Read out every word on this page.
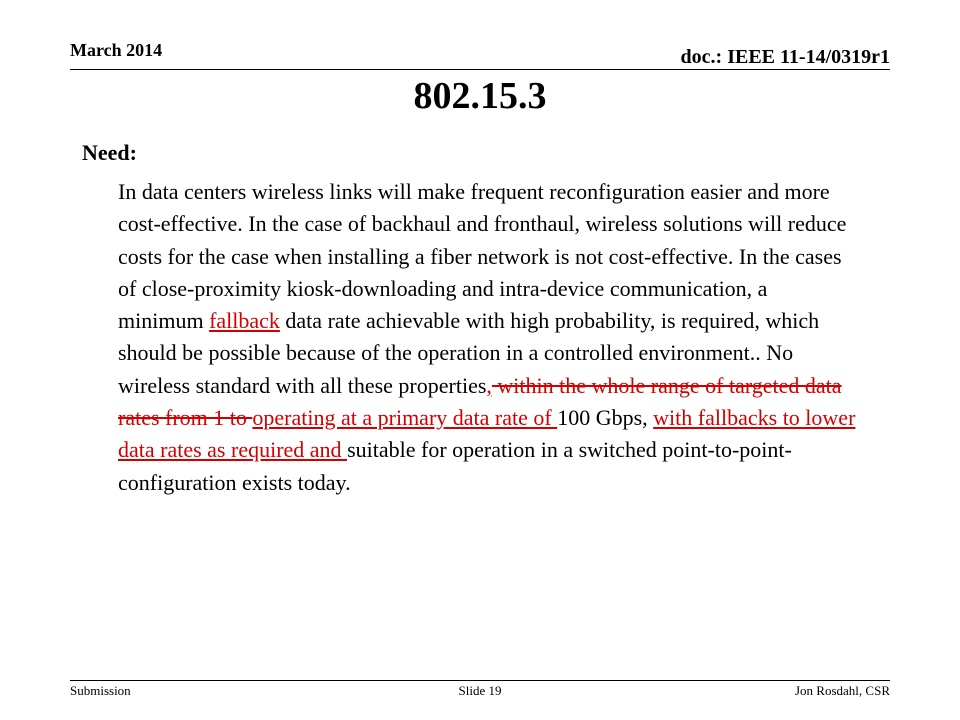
March 2014	doc.: IEEE 11-14/0319r1
802.15.3
Need:
In data centers wireless links will make frequent reconfiguration easier and more cost-effective. In the case of backhaul and fronthaul, wireless solutions will reduce costs for the case when installing a fiber network is not cost-effective. In the cases of close-proximity kiosk-downloading and intra-device communication, a minimum fallback data rate achievable with high probability, is required, which should be possible because of the operation in a controlled environment.. No wireless standard with all these properties, within the whole range of targeted data rates from 1 to operating at a primary data rate of 100 Gbps, with fallbacks to lower data rates as required and suitable for operation in a switched point-to-point-configuration exists today.
Submission	Slide 19	Jon Rosdahl, CSR
